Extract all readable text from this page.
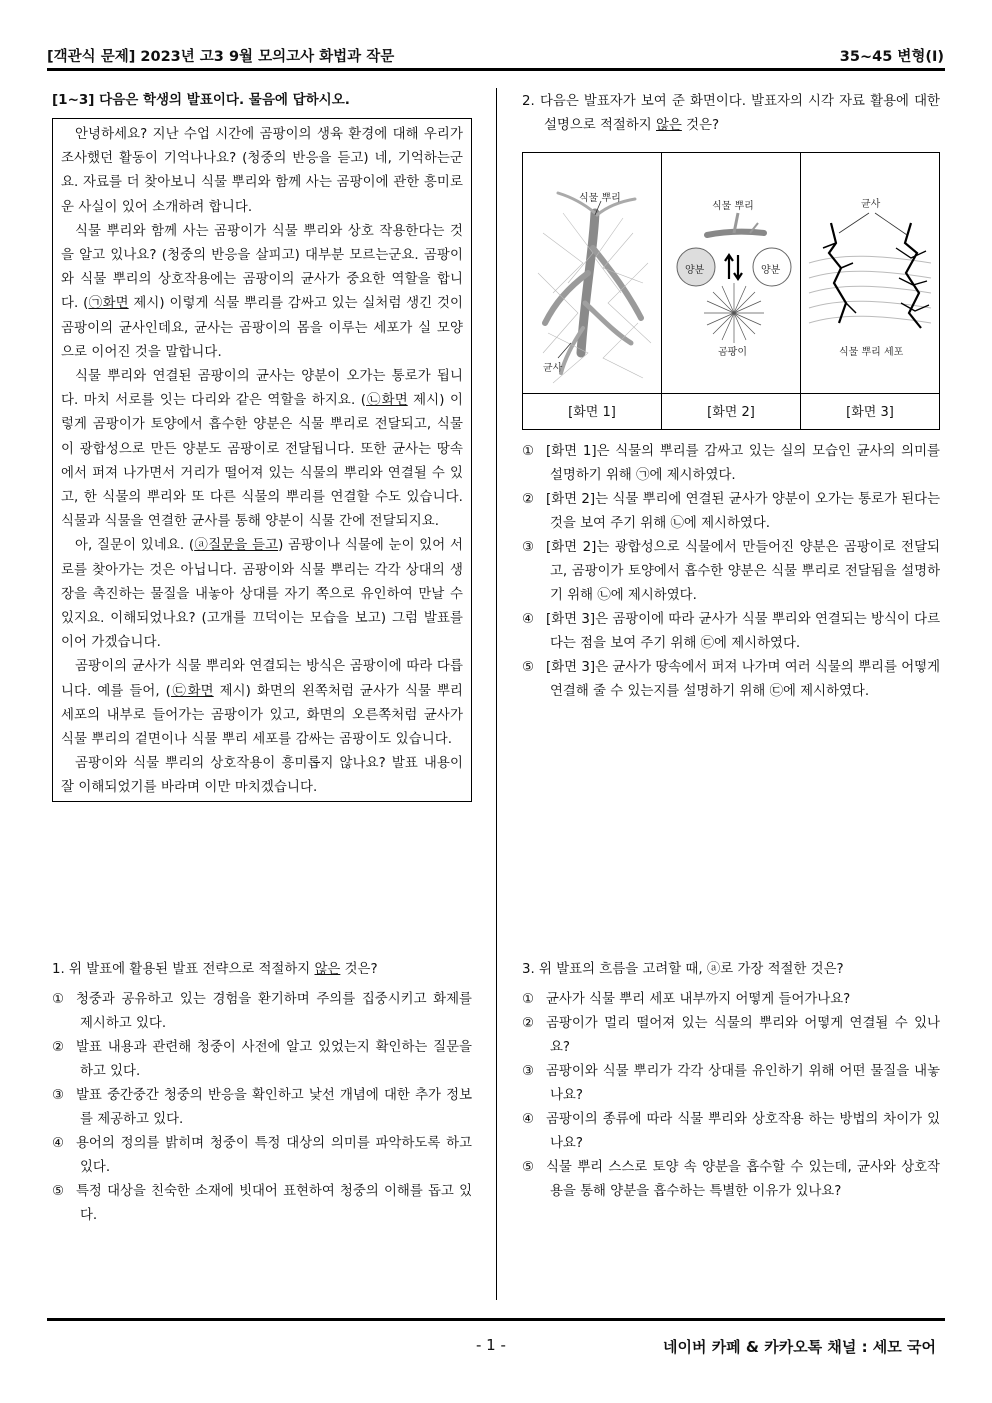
[객관식 문제] 2023년 고3 9월 모의고사 화법과 작문	35~45 변형(I)
[1~3] 다음은 학생의 발표이다. 물음에 답하시오.

안녕하세요? 지난 수업 시간에 곰팡이의 생육 환경에 대해 우리가 조사했던 활동이 기억나나요? (청중의 반응을 듣고) 네, 기억하는군요. 자료를 더 찾아보니 식물 뿌리와 함께 사는 곰팡이에 관한 흥미로운 사실이 있어 소개하려 합니다.

식물 뿌리와 함께 사는 곰팡이가 식물 뿌리와 상호 작용한다는 것을 알고 있나요? (청중의 반응을 살피고) 대부분 모르는군요. 곰팡이와 식물 뿌리의 상호작용에는 곰팡이의 균사가 중요한 역할을 합니다. (㉠화면 제시) 이렇게 식물 뿌리를 감싸고 있는 실처럼 생긴 것이 곰팡이의 균사인데요, 균사는 곰팡이의 몸을 이루는 세포가 실 모양으로 이어진 것을 말합니다.

식물 뿌리와 연결된 곰팡이의 균사는 양분이 오가는 통로가 됩니다. 마치 서로를 잇는 다리와 같은 역할을 하지요. (㉡화면 제시) 이렇게 곰팡이가 토양에서 흡수한 양분은 식물 뿌리로 전달되고, 식물이 광합성으로 만든 양분도 곰팡이로 전달됩니다. 또한 균사는 땅속에서 퍼져 나가면서 거리가 떨어져 있는 식물의 뿌리와 연결될 수 있고, 한 식물의 뿌리와 또 다른 식물의 뿌리를 연결할 수도 있습니다. 식물과 식물을 연결한 균사를 통해 양분이 식물 간에 전달되지요.

아, 질문이 있네요. (ⓐ질문을 듣고) 곰팡이나 식물에 눈이 있어 서로를 찾아가는 것은 아닙니다. 곰팡이와 식물 뿌리는 각각 상대의 생장을 촉진하는 물질을 내놓아 상대를 자기 쪽으로 유인하여 만날 수 있지요. 이해되었나요? (고개를 끄덕이는 모습을 보고) 그럼 발표를 이어 가겠습니다.

곰팡이의 균사가 식물 뿌리와 연결되는 방식은 곰팡이에 따라 다릅니다. 예를 들어, (㉢화면 제시) 화면의 왼쪽처럼 균사가 식물 뿌리 세포의 내부로 들어가는 곰팡이가 있고, 화면의 오른쪽처럼 균사가 식물 뿌리의 겉면이나 식물 뿌리 세포를 감싸는 곰팡이도 있습니다.

곰팡이와 식물 뿌리의 상호작용이 흥미롭지 않나요? 발표 내용이 잘 이해되었기를 바라며 이만 마치겠습니다.

1. 위 발표에 활용된 발표 전략으로 적절하지 않은 것은?

① 청중과 공유하고 있는 경험을 환기하며 주의를 집중시키고 화제를 제시하고 있다.
② 발표 내용과 관련해 청중이 사전에 알고 있었는지 확인하는 질문을 하고 있다.
③ 발표 중간중간 청중의 반응을 확인하고 낯선 개념에 대한 추가 정보를 제공하고 있다.
④ 용어의 정의를 밝히며 청중이 특정 대상의 의미를 파악하도록 하고 있다.
⑤ 특정 대상을 친숙한 소재에 빗대어 표현하여 청중의 이해를 돕고 있다.

2. 다음은 발표자가 보여 준 화면이다. 발표자의 시각 자료 활용에 대한 설명으로 적절하지 않은 것은?

식물 뿌리
균사
식물 뿌리
양분	양분
곰팡이
균사
식물 뿌리 세포
[화면 1]	[화면 2]	[화면 3]
① [화면 1]은 식물의 뿌리를 감싸고 있는 실의 모습인 균사의 의미를 설명하기 위해 ㉠에 제시하였다.
② [화면 2]는 식물 뿌리에 연결된 균사가 양분이 오가는 통로가 된다는 것을 보여 주기 위해 ㉡에 제시하였다.
③ [화면 2]는 광합성으로 식물에서 만들어진 양분은 곰팡이로 전달되고, 곰팡이가 토양에서 흡수한 양분은 식물 뿌리로 전달됨을 설명하기 위해 ㉡에 제시하였다.
④ [화면 3]은 곰팡이에 따라 균사가 식물 뿌리와 연결되는 방식이 다르다는 점을 보여 주기 위해 ㉢에 제시하였다.
⑤ [화면 3]은 균사가 땅속에서 퍼져 나가며 여러 식물의 뿌리를 어떻게 연결해 줄 수 있는지를 설명하기 위해 ㉢에 제시하였다.

3. 위 발표의 흐름을 고려할 때, ⓐ로 가장 적절한 것은?

① 균사가 식물 뿌리 세포 내부까지 어떻게 들어가나요?
② 곰팡이가 멀리 떨어져 있는 식물의 뿌리와 어떻게 연결될 수 있나요?
③ 곰팡이와 식물 뿌리가 각각 상대를 유인하기 위해 어떤 물질을 내놓나요?
④ 곰팡이의 종류에 따라 식물 뿌리와 상호작용 하는 방법의 차이가 있나요?
⑤ 식물 뿌리 스스로 토양 속 양분을 흡수할 수 있는데, 균사와 상호작용을 통해 양분을 흡수하는 특별한 이유가 있나요?
- 1 -	네이버 카페 & 카카오톡 채널 : 세모 국어
